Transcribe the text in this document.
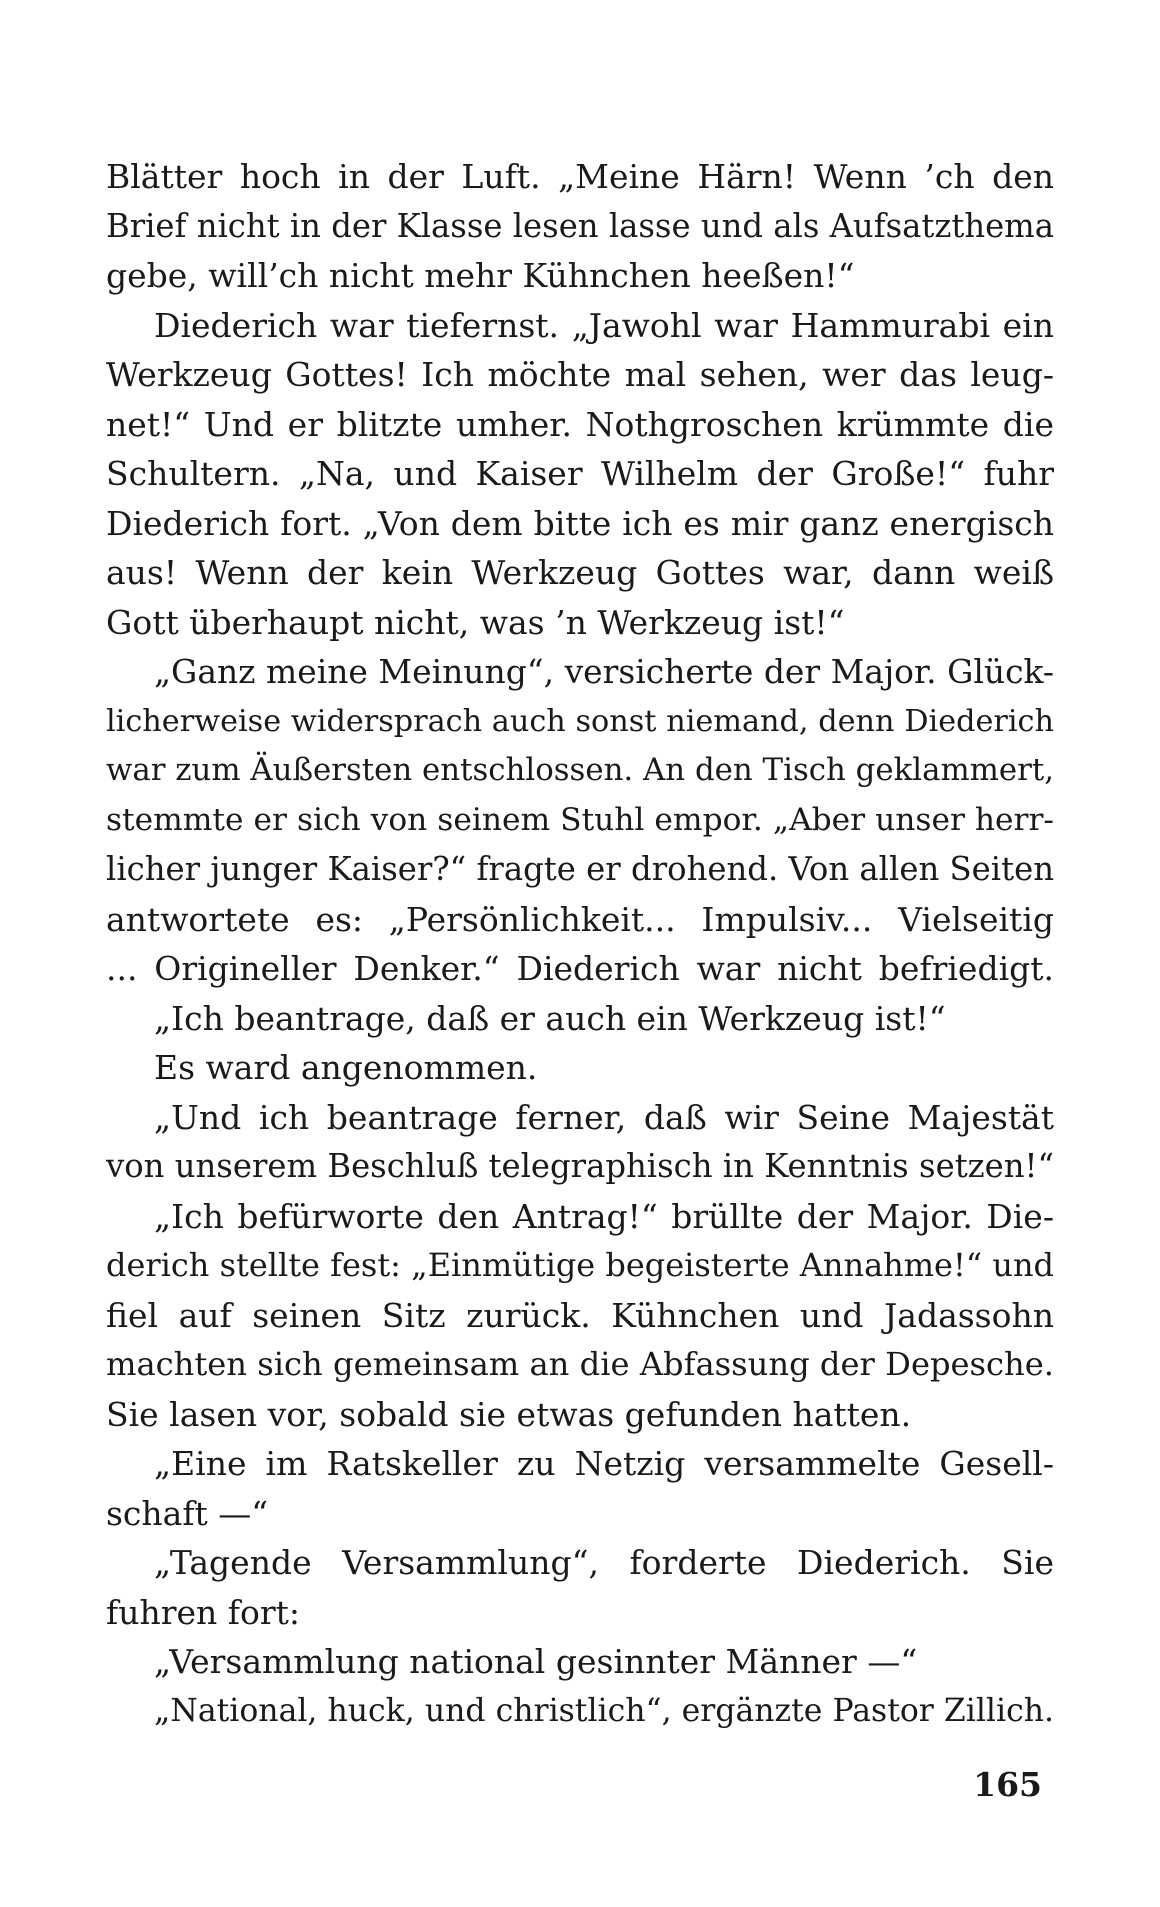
Blätter hoch in der Luft. „Meine Härn! Wenn ’ch den
Brief nicht in der Klasse lesen lasse und als Aufsatzthema
gebe, will’ch nicht mehr Kühnchen heeßen!“
Diederich war tiefernst. „Jawohl war Hammurabi ein
Werkzeug Gottes! Ich möchte mal sehen, wer das leug-
net!“ Und er blitzte umher. Nothgroschen krümmte die
Schultern. „Na, und Kaiser Wilhelm der Große!“ fuhr
Diederich fort. „Von dem bitte ich es mir ganz energisch
aus! Wenn der kein Werkzeug Gottes war, dann weiß
Gott überhaupt nicht, was ’n Werkzeug ist!“
„Ganz meine Meinung“, versicherte der Major. Glück-
licherweise widersprach auch sonst niemand, denn Diederich
war zum Äußersten entschlossen. An den Tisch geklammert,
stemmte er sich von seinem Stuhl empor. „Aber unser herr-
licher junger Kaiser?“ fragte er drohend. Von allen Seiten
antwortete es: „Persönlichkeit... Impulsiv... Vielseitig
... Origineller Denker.“ Diederich war nicht befriedigt.
„Ich beantrage, daß er auch ein Werkzeug ist!“
Es ward angenommen.
„Und ich beantrage ferner, daß wir Seine Majestät
von unserem Beschluß telegraphisch in Kenntnis setzen!“
„Ich befürworte den Antrag!“ brüllte der Major. Die-
derich stellte fest: „Einmütige begeisterte Annahme!“ und
fiel auf seinen Sitz zurück. Kühnchen und Jadassohn
machten sich gemeinsam an die Abfassung der Depesche.
Sie lasen vor, sobald sie etwas gefunden hatten.
„Eine im Ratskeller zu Netzig versammelte Gesell-
schaft —“
„Tagende Versammlung“, forderte Diederich. Sie
fuhren fort:
„Versammlung national gesinnter Männer —“
„National, huck, und christlich“, ergänzte Pastor Zillich.
165
